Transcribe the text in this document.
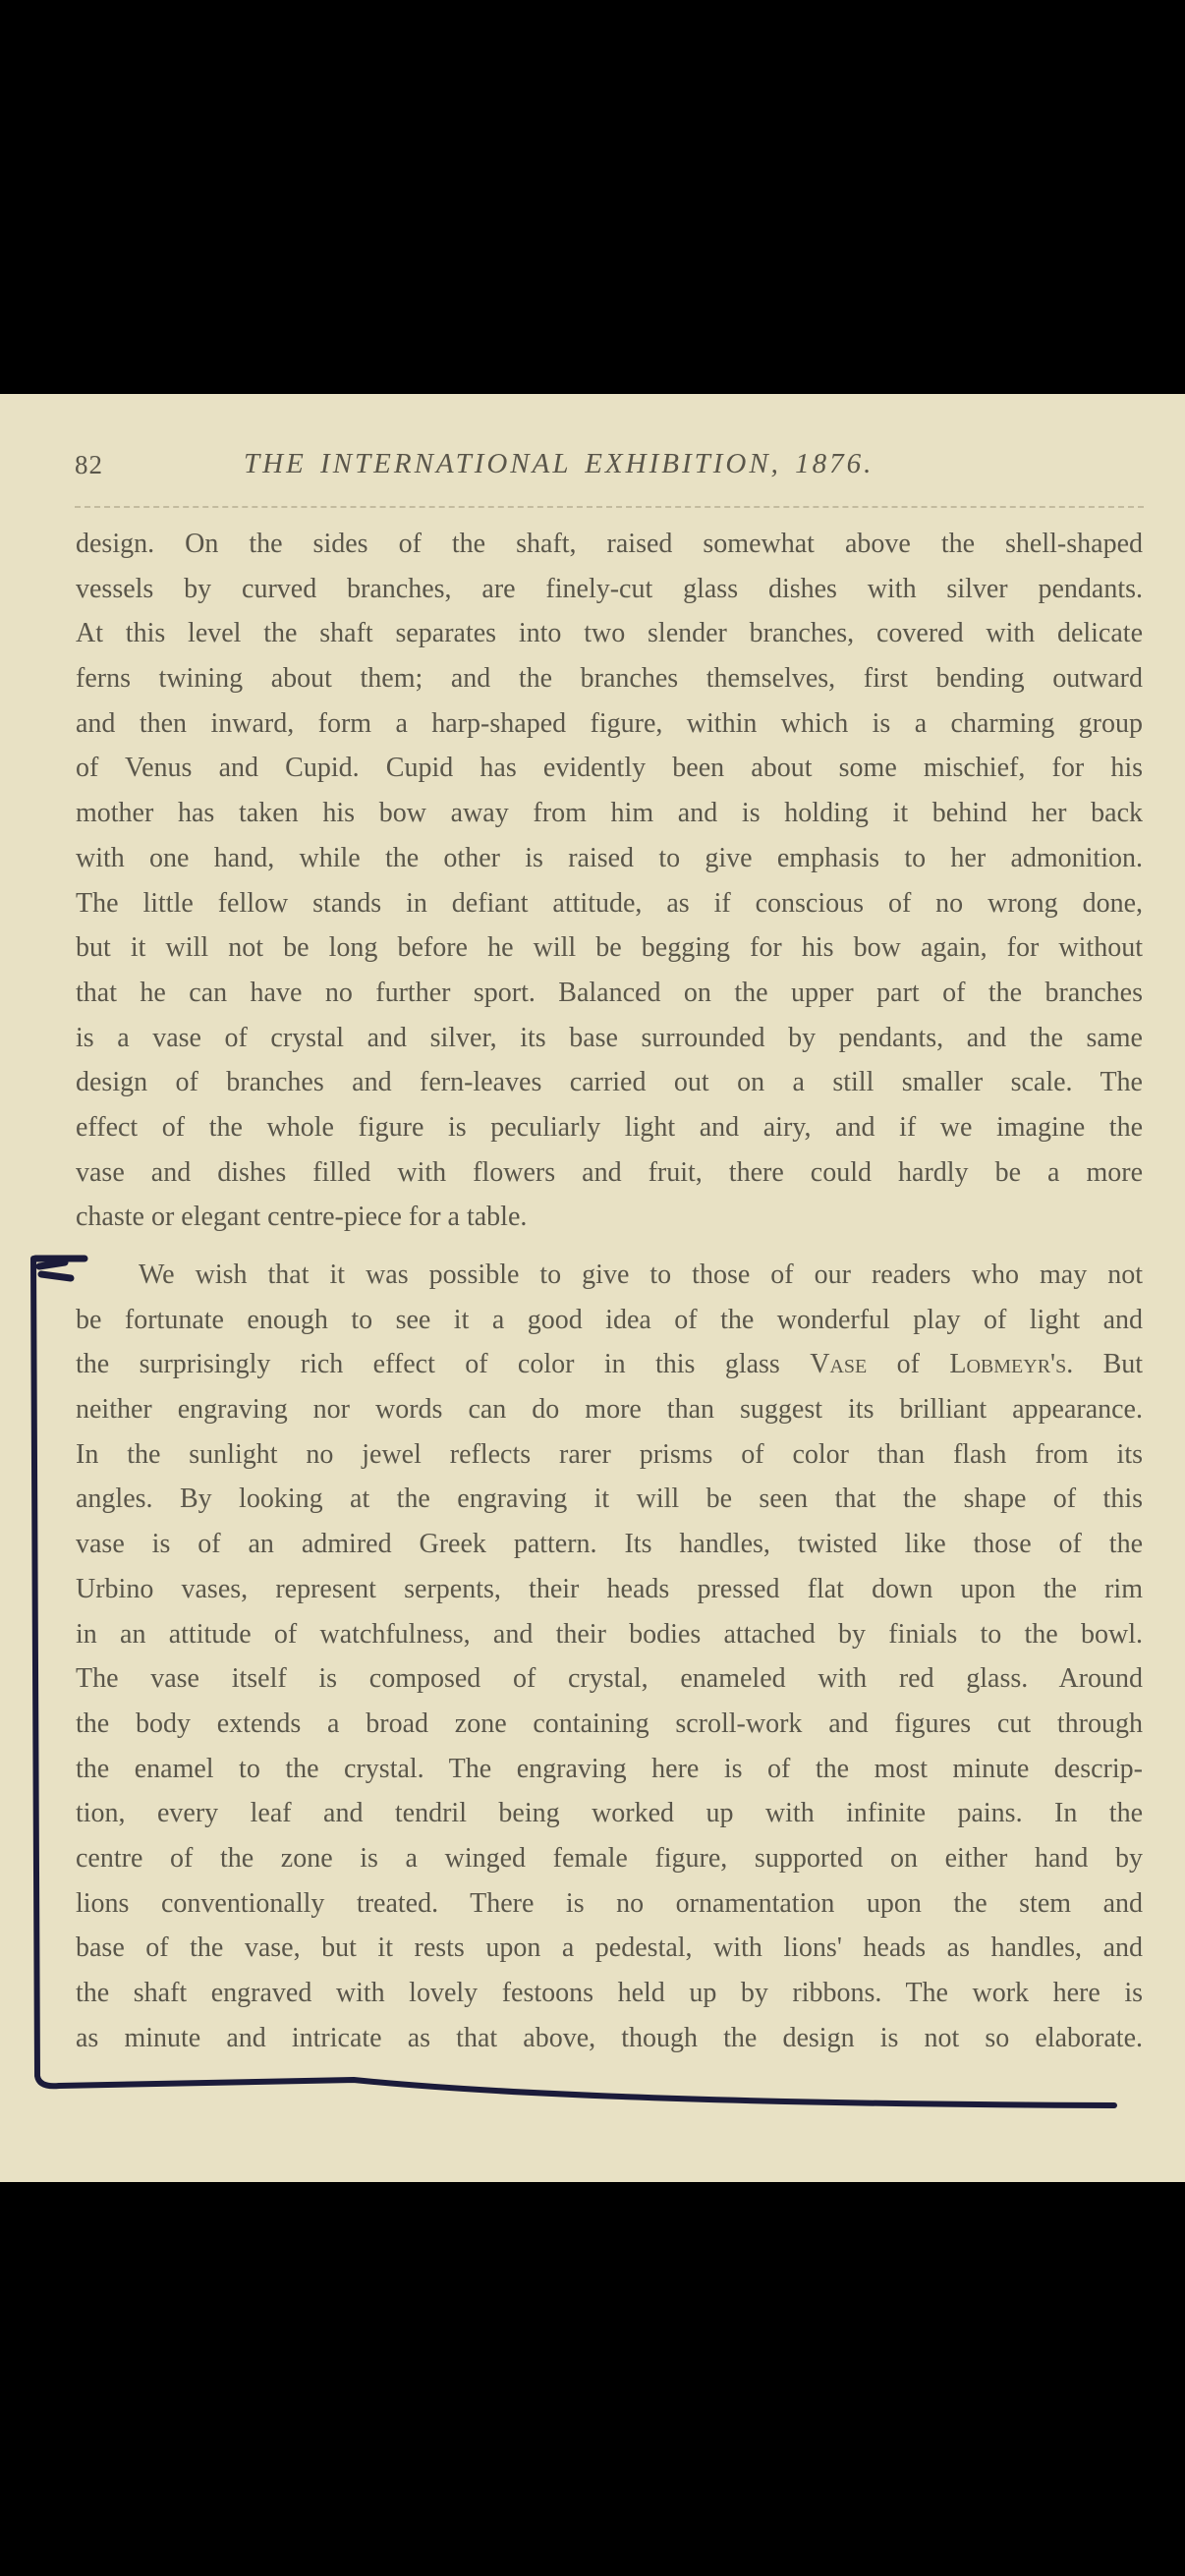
82	THE INTERNATIONAL EXHIBITION, 1876.
design. On the sides of the shaft, raised somewhat above the shell-shaped
vessels by curved branches, are finely-cut glass dishes with silver pendants.
At this level the shaft separates into two slender branches, covered with delicate
ferns twining about them; and the branches themselves, first bending outward
and then inward, form a harp-shaped figure, within which is a charming group
of Venus and Cupid. Cupid has evidently been about some mischief, for his
mother has taken his bow away from him and is holding it behind her back
with one hand, while the other is raised to give emphasis to her admonition.
The little fellow stands in defiant attitude, as if conscious of no wrong done,
but it will not be long before he will be begging for his bow again, for without
that he can have no further sport. Balanced on the upper part of the branches
is a vase of crystal and silver, its base surrounded by pendants, and the same
design of branches and fern-leaves carried out on a still smaller scale. The
effect of the whole figure is peculiarly light and airy, and if we imagine the
vase and dishes filled with flowers and fruit, there could hardly be a more
chaste or elegant centre-piece for a table.
We wish that it was possible to give to those of our readers who may not
be fortunate enough to see it a good idea of the wonderful play of light and
the surprisingly rich effect of color in this glass Vase of Lobmeyr's. But
neither engraving nor words can do more than suggest its brilliant appearance.
In the sunlight no jewel reflects rarer prisms of color than flash from its
angles. By looking at the engraving it will be seen that the shape of this
vase is of an admired Greek pattern. Its handles, twisted like those of the
Urbino vases, represent serpents, their heads pressed flat down upon the rim
in an attitude of watchfulness, and their bodies attached by finials to the bowl.
The vase itself is composed of crystal, enameled with red glass. Around
the body extends a broad zone containing scroll-work and figures cut through
the enamel to the crystal. The engraving here is of the most minute descrip-
tion, every leaf and tendril being worked up with infinite pains. In the
centre of the zone is a winged female figure, supported on either hand by
lions conventionally treated. There is no ornamentation upon the stem and
base of the vase, but it rests upon a pedestal, with lions' heads as handles, and
the shaft engraved with lovely festoons held up by ribbons. The work here is
as minute and intricate as that above, though the design is not so elaborate.
